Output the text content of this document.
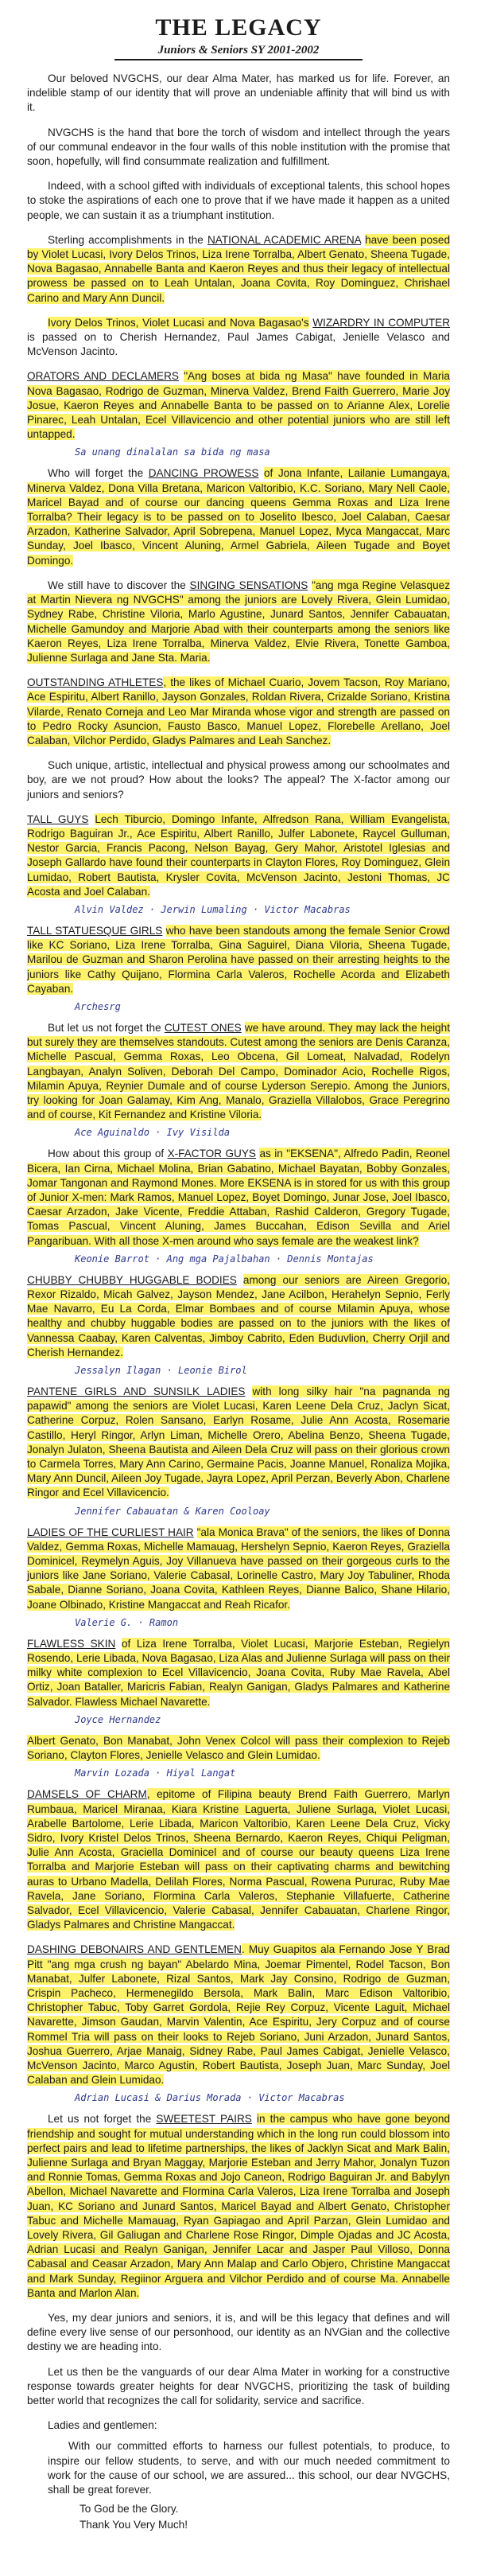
THE LEGACY
Juniors & Seniors SY 2001-2002

Our beloved NVGCHS, our dear Alma Mater, has marked us for life. Forever, an indelible stamp of our identity that will prove an undeniable affinity that will bind us with it.

NVGCHS is the hand that bore the torch of wisdom and intellect through the years of our communal endeavor in the four walls of this noble institution with the promise that soon, hopefully, will find consummate realization and fulfillment.

Indeed, with a school gifted with individuals of exceptional talents, this school hopes to stoke the aspirations of each one to prove that if we have made it happen as a united people, we can sustain it as a triumphant institution.

Sterling accomplishments in the NATIONAL ACADEMIC ARENA have been posed by Violet Lucasi, Ivory Delos Trinos, Liza Irene Torralba, Albert Genato, Sheena Tugade, Nova Bagasao, Annabelle Banta and Kaeron Reyes and thus their legacy of intellectual prowess be passed on to Leah Untalan, Joana Covita, Roy Dominguez, Chrishael Carino and Mary Ann Duncil.

Ivory Delos Trinos, Violet Lucasi and Nova Bagasao's WIZARDRY IN COMPUTER is passed on to Cherish Hernandez, Paul James Cabigat, Jenielle Velasco and McVenson Jacinto.

ORATORS AND DECLAMERS "Ang boses at bida ng Masa" have founded in Maria Nova Bagasao, Rodrigo de Guzman, Minerva Valdez, Brend Faith Guerrero, Marie Joy Josue, Kaeron Reyes and Annabelle Banta to be passed on to Arianne Alex, Lorelie Pinarec, Leah Untalan, Ecel Villavicencio and other potential juniors who are still left untapped.

Sa unang dinalalan sa bida ng masa

Who will forget the DANCING PROWESS of Jona Infante, Lailanie Lumangaya, Minerva Valdez, Dona Villa Bretana, Maricon Valtoribio, K.C. Soriano, Mary Nell Caole, Maricel Bayad and of course our dancing queens Gemma Roxas and Liza Irene Torralba? Their legacy is to be passed on to Joselito Ibesco, Joel Calaban, Caesar Arzadon, Katherine Salvador, April Sobrepena, Manuel Lopez, Myca Mangaccat, Marc Sunday, Joel Ibasco, Vincent Aluning, Armel Gabriela, Aileen Tugade and Boyet Domingo.

We still have to discover the SINGING SENSATIONS "ang mga Regine Velasquez at Martin Nievera ng NVGCHS" among the juniors are Lovely Rivera, Glein Lumidao, Sydney Rabe, Christine Viloria, Marlo Agustine, Junard Santos, Jennifer Cabauatan, Michelle Gamundoy and Marjorie Abad with their counterparts among the seniors like Kaeron Reyes, Liza Irene Torralba, Minerva Valdez, Elvie Rivera, Tonette Gamboa, Julienne Surlaga and Jane Sta. Maria.

OUTSTANDING ATHLETES, the likes of Michael Cuario, Jovem Tacson, Roy Mariano, Ace Espiritu, Albert Ranillo, Jayson Gonzales, Roldan Rivera, Crizalde Soriano, Kristina Vilarde, Renato Corneja and Leo Mar Miranda whose vigor and strength are passed on to Pedro Rocky Asuncion, Fausto Basco, Manuel Lopez, Florebelle Arellano, Joel Calaban, Vilchor Perdido, Gladys Palmares and Leah Sanchez.

Such unique, artistic, intellectual and physical prowess among our schoolmates and boy, are we not proud? How about the looks? The appeal? The X-factor among our juniors and seniors?

TALL GUYS Lech Tiburcio, Domingo Infante, Alfredson Rana, William Evangelista, Rodrigo Baguiran Jr., Ace Espiritu, Albert Ranillo, Julfer Labonete, Raycel Gulluman, Nestor Garcia, Francis Pacong, Nelson Bayag, Gery Mahor, Aristotel Iglesias and Joseph Gallardo have found their counterparts in Clayton Flores, Roy Dominguez, Glein Lumidao, Robert Bautista, Krysler Covita, McVenson Jacinto, Jestoni Thomas, JC Acosta and Joel Calaban.

Alvin Valdez · Jerwin Lumaling · Victor Macabras

TALL STATUESQUE GIRLS who have been standouts among the female Senior Crowd like KC Soriano, Liza Irene Torralba, Gina Saguirel, Diana Viloria, Sheena Tugade, Marilou de Guzman and Sharon Perolina have passed on their arresting heights to the juniors like Cathy Quijano, Flormina Carla Valeros, Rochelle Acorda and Elizabeth Cayaban.

Archesrg

But let us not forget the CUTEST ONES we have around. They may lack the height but surely they are themselves standouts. Cutest among the seniors are Denis Caranza, Michelle Pascual, Gemma Roxas, Leo Obcena, Gil Lomeat, Nalvadad, Rodelyn Langbayan, Analyn Soliven, Deborah Del Campo, Dominador Acio, Rochelle Rigos, Milamin Apuya, Reynier Dumale and of course Lyderson Serepio. Among the Juniors, try looking for Joan Galamay, Kim Ang, Manalo, Graziella Villalobos, Grace Peregrino and of course, Kit Fernandez and Kristine Viloria.

Ace Aguinaldo · Ivy Visilda

How about this group of X-FACTOR GUYS as in "EKSENA", Alfredo Padin, Reonel Bicera, Ian Cirna, Michael Molina, Brian Gabatino, Michael Bayatan, Bobby Gonzales, Jomar Tangonan and Raymond Mones. More EKSENA is in stored for us with this group of Junior X-men: Mark Ramos, Manuel Lopez, Boyet Domingo, Junar Jose, Joel Ibasco, Caesar Arzadon, Jake Vicente, Freddie Attaban, Rashid Calderon, Gregory Tugade, Tomas Pascual, Vincent Aluning, James Buccahan, Edison Sevilla and Ariel Pangaribuan. With all those X-men around who says female are the weakest link?

Keonie Barrot · Ang mga Pajalbahan · Dennis Montajas

CHUBBY CHUBBY HUGGABLE BODIES among our seniors are Aireen Gregorio, Rexor Rizaldo, Micah Galvez, Jayson Mendez, Jane Acilbon, Herahelyn Sepnio, Ferly Mae Navarro, Eu La Corda, Elmar Bombaes and of course Milamin Apuya, whose healthy and chubby huggable bodies are passed on to the juniors with the likes of Vannessa Caabay, Karen Calventas, Jimboy Cabrito, Eden Buduvlion, Cherry Orjil and Cherish Hernandez.

Jessalyn Ilagan · Leonie Birol

PANTENE GIRLS AND SUNSILK LADIES with long silky hair "na pagnanda ng papawid" among the seniors are Violet Lucasi, Karen Leene Dela Cruz, Jaclyn Sicat, Catherine Corpuz, Rolen Sansano, Earlyn Rosame, Julie Ann Acosta, Rosemarie Castillo, Heryl Ringor, Arlyn Liman, Michelle Orero, Abelina Benzo, Sheena Tugade, Jonalyn Julaton, Sheena Bautista and Aileen Dela Cruz will pass on their glorious crown to Carmela Torres, Mary Ann Carino, Germaine Pacis, Joanne Manuel, Ronaliza Mojika, Mary Ann Duncil, Aileen Joy Tugade, Jayra Lopez, April Perzan, Beverly Abon, Charlene Ringor and Ecel Villavicencio.

Jennifer Cabauatan & Karen Cooloay

LADIES OF THE CURLIEST HAIR "ala Monica Brava" of the seniors, the likes of Donna Valdez, Gemma Roxas, Michelle Mamauag, Hershelyn Sepnio, Kaeron Reyes, Graziella Dominicel, Reymelyn Aguis, Joy Villanueva have passed on their gorgeous curls to the juniors like Jane Soriano, Valerie Cabasal, Lorinelle Castro, Mary Joy Tabuliner, Rhoda Sabale, Dianne Soriano, Joana Covita, Kathleen Reyes, Dianne Balico, Shane Hilario, Joane Olbinado, Kristine Mangaccat and Reah Ricafor.

Valerie G. · Ramon

FLAWLESS SKIN of Liza Irene Torralba, Violet Lucasi, Marjorie Esteban, Regielyn Rosendo, Lerie Libada, Nova Bagasao, Liza Alas and Julienne Surlaga will pass on their milky white complexion to Ecel Villavicencio, Joana Covita, Ruby Mae Ravela, Abel Ortiz, Joan Bataller, Maricris Fabian, Realyn Ganigan, Gladys Palmares and Katherine Salvador. Flawless Michael Navarette.

Joyce Hernandez

Albert Genato, Bon Manabat, John Venex Colcol will pass their complexion to Rejeb Soriano, Clayton Flores, Jenielle Velasco and Glein Lumidao.

Marvin Lozada · Hiyal Langat

DAMSELS OF CHARM, epitome of Filipina beauty Brend Faith Guerrero, Marlyn Rumbaua, Maricel Miranaa, Kiara Kristine Laguerta, Juliene Surlaga, Violet Lucasi, Arabelle Bartolome, Lerie Libada, Maricon Valtoribio, Karen Leene Dela Cruz, Vicky Sidro, Ivory Kristel Delos Trinos, Sheena Bernardo, Kaeron Reyes, Chiqui Peligman, Julie Ann Acosta, Graciella Dominicel and of course our beauty queens Liza Irene Torralba and Marjorie Esteban will pass on their captivating charms and bewitching auras to Urbano Madella, Delilah Flores, Norma Pascual, Rowena Pururac, Ruby Mae Ravela, Jane Soriano, Flormina Carla Valeros, Stephanie Villafuerte, Catherine Salvador, Ecel Villavicencio, Valerie Cabasal, Jennifer Cabauatan, Charlene Ringor, Gladys Palmares and Christine Mangaccat.

DASHING DEBONAIRS AND GENTLEMEN. Muy Guapitos ala Fernando Jose Y Brad Pitt "ang mga crush ng bayan" Abelardo Mina, Joemar Pimentel, Rodel Tacson, Bon Manabat, Julfer Labonete, Rizal Santos, Mark Jay Consino, Rodrigo de Guzman, Crispin Pacheco, Hermenegildo Bersola, Mark Balin, Marc Edison Valtoribio, Christopher Tabuc, Toby Garret Gordola, Rejie Rey Corpuz, Vicente Laguit, Michael Navarette, Jimson Gaudan, Marvin Valentin, Ace Espiritu, Jery Corpuz and of course Rommel Tria will pass on their looks to Rejeb Soriano, Juni Arzadon, Junard Santos, Joshua Guerrero, Arjae Manaig, Sidney Rabe, Paul James Cabigat, Jenielle Velasco, McVenson Jacinto, Marco Agustin, Robert Bautista, Joseph Juan, Marc Sunday, Joel Calaban and Glein Lumidao.

Adrian Lucasi & Darius Morada · Victor Macabras

Let us not forget the SWEETEST PAIRS in the campus who have gone beyond friendship and sought for mutual understanding which in the long run could blossom into perfect pairs and lead to lifetime partnerships, the likes of Jacklyn Sicat and Mark Balin, Julienne Surlaga and Bryan Maggay, Marjorie Esteban and Jerry Mahor, Jonalyn Tuzon and Ronnie Tomas, Gemma Roxas and Jojo Caneon, Rodrigo Baguiran Jr. and Babylyn Abellon, Michael Navarette and Flormina Carla Valeros, Liza Irene Torralba and Joseph Juan, KC Soriano and Junard Santos, Maricel Bayad and Albert Genato, Christopher Tabuc and Michelle Mamauag, Ryan Gapiagao and April Parzan, Glein Lumidao and Lovely Rivera, Gil Galiugan and Charlene Rose Ringor, Dimple Ojadas and JC Acosta, Adrian Lucasi and Realyn Ganigan, Jennifer Lacar and Jasper Paul Villoso, Donna Cabasal and Ceasar Arzadon, Mary Ann Malap and Carlo Objero, Christine Mangaccat and Mark Sunday, Regiinor Arguera and Vilchor Perdido and of course Ma. Annabelle Banta and Marlon Alan.

Yes, my dear juniors and seniors, it is, and will be this legacy that defines and will define every live sense of our personhood, our identity as an NVGian and the collective destiny we are heading into.

Let us then be the vanguards of our dear Alma Mater in working for a constructive response towards greater heights for dear NVGCHS, prioritizing the task of building better world that recognizes the call for solidarity, service and sacrifice.

Ladies and gentlemen:

With our committed efforts to harness our fullest potentials, to produce, to inspire our fellow students, to serve, and with our much needed commitment to work for the cause of our school, we are assured... this school, our dear NVGCHS, shall be great forever.

To God be the Glory.
Thank You Very Much!
